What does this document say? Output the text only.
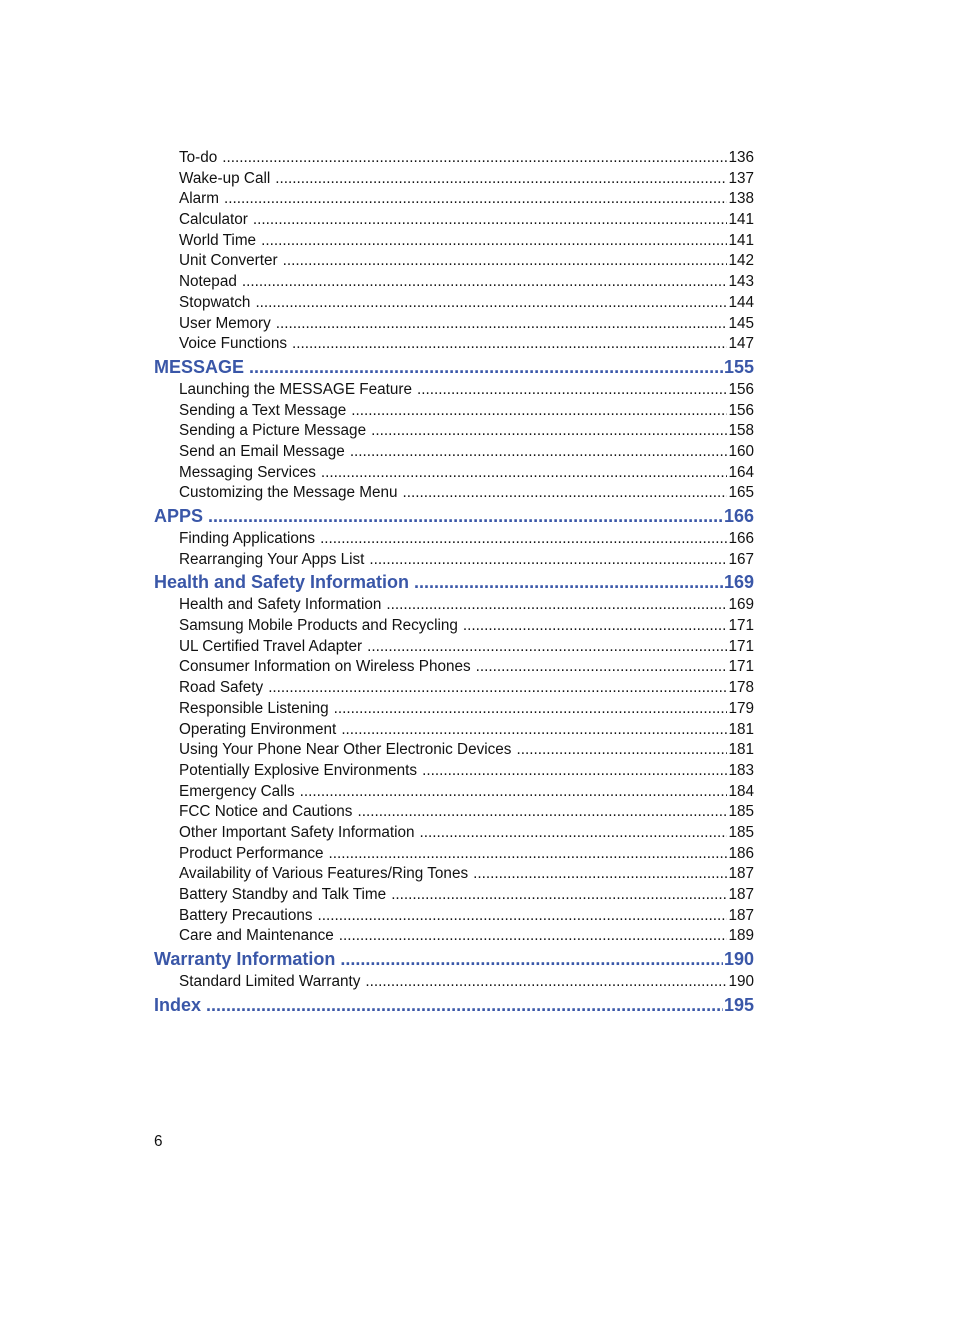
To-do .....	136
Wake-up Call .....	137
Alarm .....	138
Calculator .....	141
World Time .....	141
Unit Converter .....	142
Notepad .....	143
Stopwatch .....	144
User Memory .....	145
Voice Functions .....	147
MESSAGE .....	155
Launching the MESSAGE Feature .....	156
Sending a Text Message .....	156
Sending a Picture Message .....	158
Send an Email Message .....	160
Messaging Services .....	164
Customizing the Message Menu .....	165
APPS .....	166
Finding Applications .....	166
Rearranging Your Apps List .....	167
Health and Safety Information .....	169
Health and Safety Information .....	169
Samsung Mobile Products and Recycling .....	171
UL Certified Travel Adapter .....	171
Consumer Information on Wireless Phones .....	171
Road Safety .....	178
Responsible Listening .....	179
Operating Environment .....	181
Using Your Phone Near Other Electronic Devices .....	181
Potentially Explosive Environments .....	183
Emergency Calls .....	184
FCC Notice and Cautions .....	185
Other Important Safety Information .....	185
Product Performance .....	186
Availability of Various Features/Ring Tones .....	187
Battery Standby and Talk Time .....	187
Battery Precautions .....	187
Care and Maintenance .....	189
Warranty Information .....	190
Standard Limited Warranty .....	190
Index .....	195
6
